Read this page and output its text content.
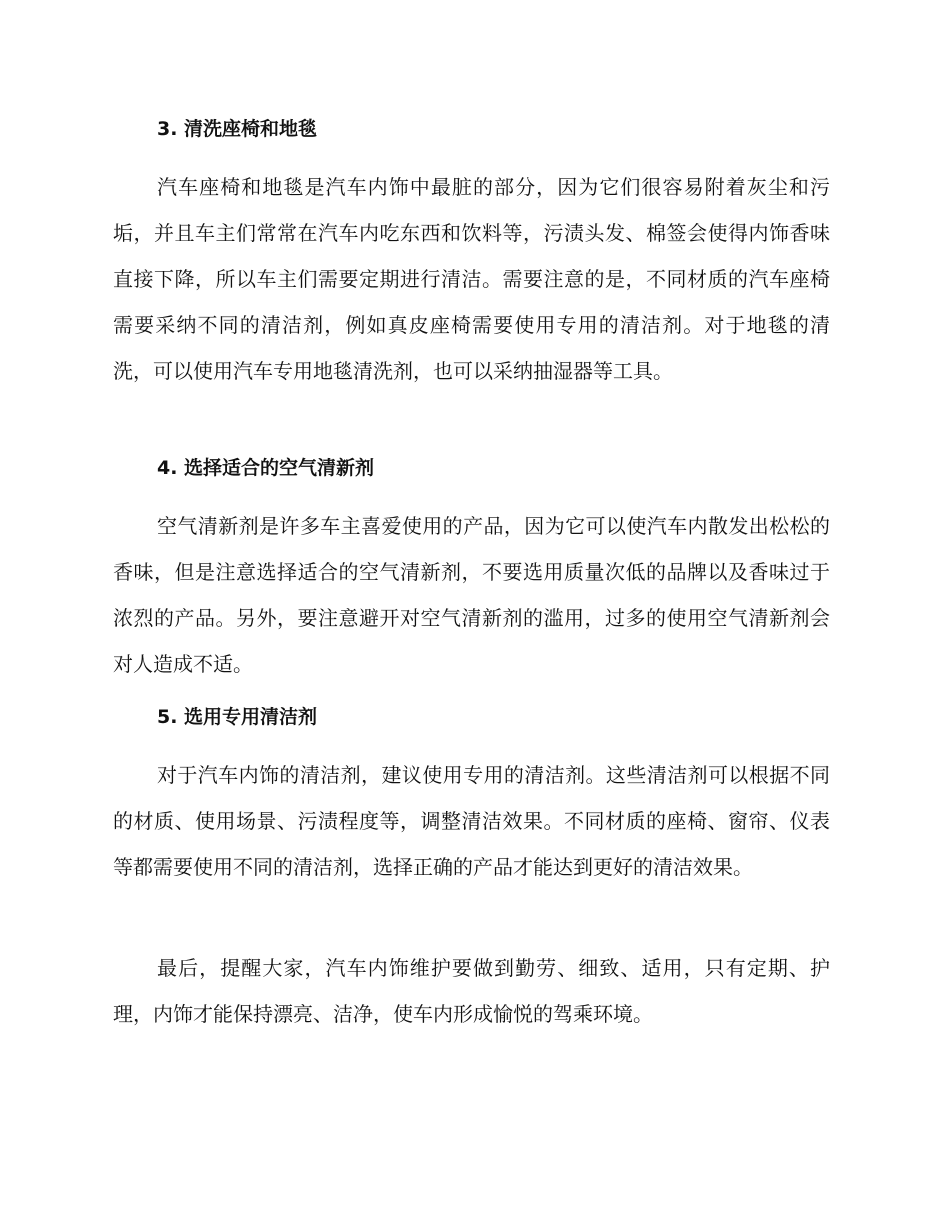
3. 清洗座椅和地毯

汽车座椅和地毯是汽车内饰中最脏的部分，因为它们很容易附着灰尘和污垢，并且车主们常常在汽车内吃东西和饮料等，污渍头发、棉签会使得内饰香味直接下降，所以车主们需要定期进行清洁。需要注意的是，不同材质的汽车座椅需要采纳不同的清洁剂，例如真皮座椅需要使用专用的清洁剂。对于地毯的清洗，可以使用汽车专用地毯清洗剂，也可以采纳抽湿器等工具。

4. 选择适合的空气清新剂

空气清新剂是许多车主喜爱使用的产品，因为它可以使汽车内散发出松松的香味，但是注意选择适合的空气清新剂，不要选用质量次低的品牌以及香味过于浓烈的产品。另外，要注意避开对空气清新剂的滥用，过多的使用空气清新剂会对人造成不适。

5. 选用专用清洁剂

对于汽车内饰的清洁剂，建议使用专用的清洁剂。这些清洁剂可以根据不同的材质、使用场景、污渍程度等，调整清洁效果。不同材质的座椅、窗帘、仪表等都需要使用不同的清洁剂，选择正确的产品才能达到更好的清洁效果。

最后，提醒大家，汽车内饰维护要做到勤劳、细致、适用，只有定期、护理，内饰才能保持漂亮、洁净，使车内形成愉悦的驾乘环境。
